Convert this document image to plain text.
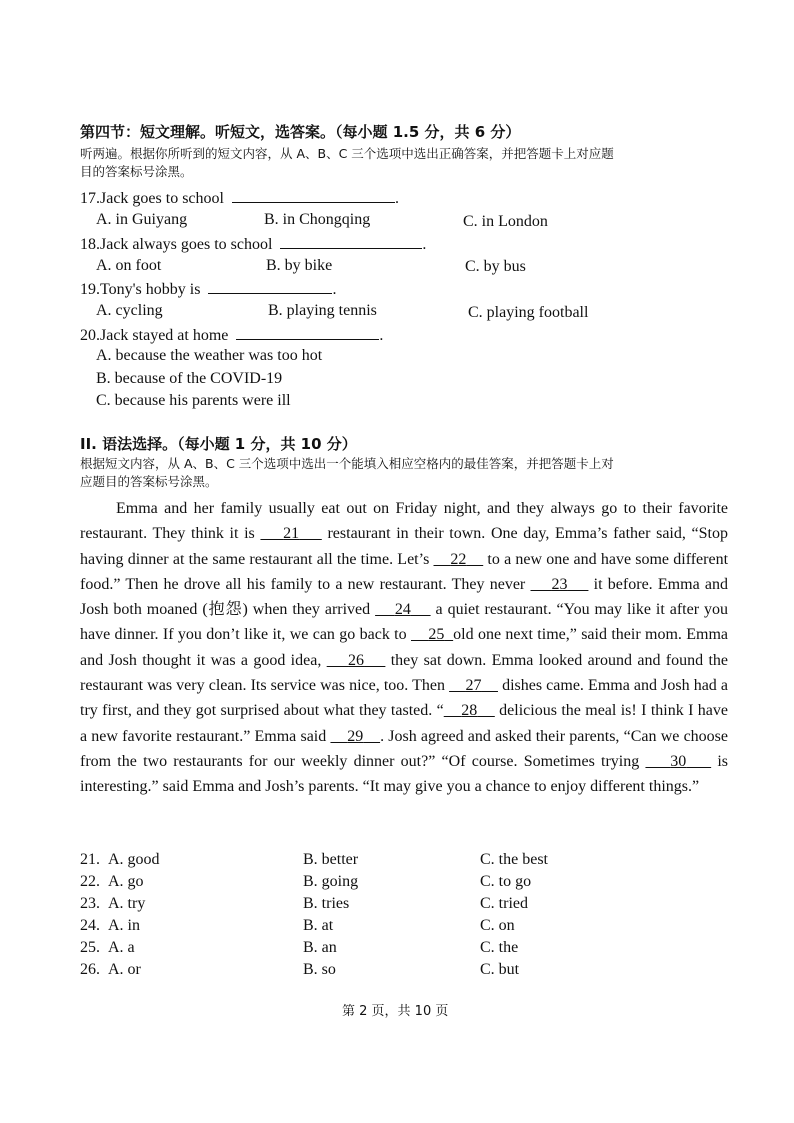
第四节：短文理解。听短文，选答案。（每小题 1.5 分，共 6 分）
听两遍。根据你所听到的短文内容，从 A、B、C 三个选项中选出正确答案，并把答题卡上对应题
目的答案标号涂黑。
17.Jack goes to school	.
A. in Guiyang	B. in Chongqing	C. in London
18.Jack always goes to school	.
A. on foot	B. by bike	C. by bus
19.Tony's hobby is	.
A. cycling	B. playing tennis	C. playing football
20.Jack stayed at home	.
A. because the weather was too hot
B. because of the COVID-19
C. because his parents were ill
II. 语法选择。（每小题 1 分，共 10 分）
根据短文内容，从 A、B、C 三个选项中选出一个能填入相应空格内的最佳答案，并把答题卡上对
应题目的答案标号涂黑。

Emma and her family usually eat out on Friday night, and they always go to their favorite restaurant. They think it is     21     restaurant in their town. One day, Emma’s father said, “Stop having dinner at the same restaurant all the time. Let’s     22     to a new one and have some different food.” Then he drove all his family to a new restaurant. They never     23     it before. Emma and Josh both moaned (抱怨) when they arrived     24     a quiet restaurant. “You may like it after you have dinner. If you don’t like it, we can go back to     25 old one next time,” said their mom. Emma and Josh thought it was a good idea,     26     they sat down. Emma looked around and found the restaurant was very clean. Its service was nice, too. Then     27     dishes came. Emma and Josh had a try first, and they got surprised about what they tasted. “ 28     delicious the meal is! I think I have a new favorite restaurant.” Emma said     29 . Josh agreed and asked their parents, “Can we choose from the two restaurants for our weekly dinner out?” “Of course. Sometimes trying     30     is interesting.” said Emma and Josh’s parents. “It may give you a chance to enjoy different things.”

21. A. good	B. better	C. the best
22. A. go	B. going	C. to go
23. A. try	B. tries	C. tried
24. A. in	B. at	C. on
25. A. a	B. an	C. the
26. A. or	B. so	C. but
第 2 页，共 10 页
